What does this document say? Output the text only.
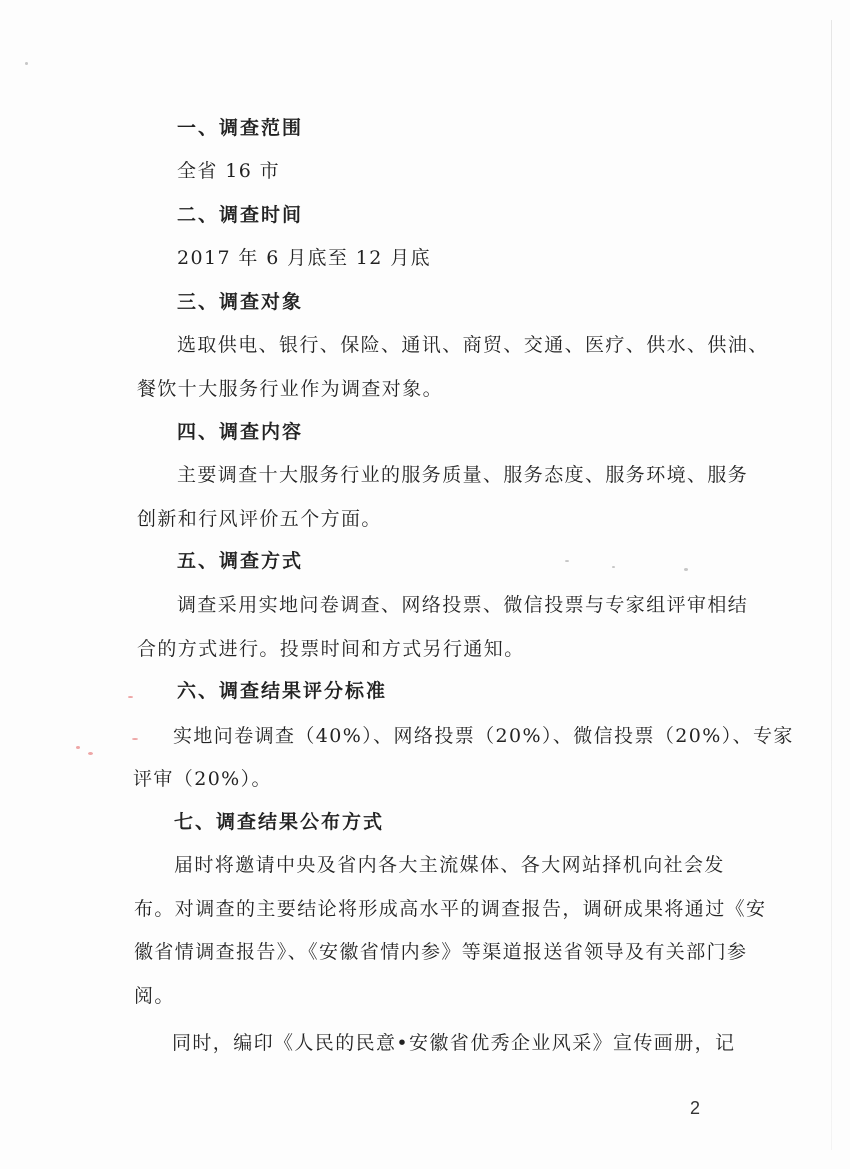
一、调查范围
全省 16 市
二、调查时间
2017 年 6 月底至 12 月底
三、调查对象
选取供电、银行、保险、通讯、商贸、交通、医疗、供水、供油、
餐饮十大服务行业作为调查对象。
四、调查内容
主要调查十大服务行业的服务质量、服务态度、服务环境、服务
创新和行风评价五个方面。
五、调查方式
调查采用实地问卷调查、网络投票、微信投票与专家组评审相结
合的方式进行。投票时间和方式另行通知。
六、调查结果评分标准
实地问卷调查（40%）、网络投票（20%）、微信投票（20%）、专家
评审（20%）。
七、调查结果公布方式
届时将邀请中央及省内各大主流媒体、各大网站择机向社会发
布。对调查的主要结论将形成高水平的调查报告，调研成果将通过《安
徽省情调查报告》、《安徽省情内参》等渠道报送省领导及有关部门参
阅。
同时，编印《人民的民意•安徽省优秀企业风采》宣传画册，记
2
